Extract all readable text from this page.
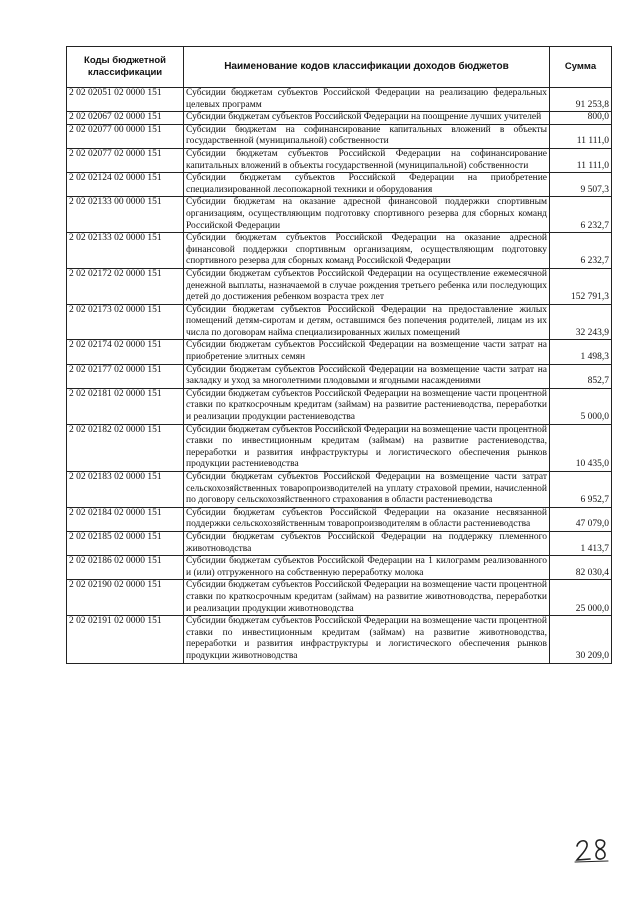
Коды бюджетной классификации	Наименование кодов классификации доходов бюджетов	Сумма
2 02 02051 02 0000 151	Субсидии бюджетам субъектов Российской Федерации на реализацию федеральных целевых программ	91 253,8
2 02 02067 02 0000 151	Субсидии бюджетам субъектов Российской Федерации на поощрение лучших учителей	800,0
2 02 02077 00 0000 151	Субсидии бюджетам на софинансирование капитальных вложений в объекты государственной (муниципальной) собственности	11 111,0
2 02 02077 02 0000 151	Субсидии бюджетам субъектов Российской Федерации на софинансирование капитальных вложений в объекты государственной (муниципальной) собственности	11 111,0
2 02 02124 02 0000 151	Субсидии бюджетам субъектов Российской Федерации на приобретение специализированной лесопожарной техники и оборудования	9 507,3
2 02 02133 00 0000 151	Субсидии бюджетам на оказание адресной финансовой поддержки спортивным организациям, осуществляющим подготовку спортивного резерва для сборных команд Российской Федерации	6 232,7
2 02 02133 02 0000 151	Субсидии бюджетам субъектов Российской Федерации на оказание адресной финансовой поддержки спортивным организациям, осуществляющим подготовку спортивного резерва для сборных команд Российской Федерации	6 232,7
2 02 02172 02 0000 151	Субсидии бюджетам субъектов Российской Федерации на осуществление ежемесячной денежной выплаты, назначаемой в случае рождения третьего ребенка или последующих детей до достижения ребенком возраста трех лет	152 791,3
2 02 02173 02 0000 151	Субсидии бюджетам субъектов Российской Федерации на предоставление жилых помещений детям-сиротам и детям, оставшимся без попечения родителей, лицам из их числа по договорам найма специализированных жилых помещений	32 243,9
2 02 02174 02 0000 151	Субсидии бюджетам субъектов Российской Федерации на возмещение части затрат на приобретение элитных семян	1 498,3
2 02 02177 02 0000 151	Субсидии бюджетам субъектов Российской Федерации на возмещение части затрат на закладку и уход за многолетними плодовыми и ягодными насаждениями	852,7
2 02 02181 02 0000 151	Субсидии бюджетам субъектов Российской Федерации на возмещение части процентной ставки по краткосрочным кредитам (займам) на развитие растениеводства, переработки и реализации продукции растениеводства	5 000,0
2 02 02182 02 0000 151	Субсидии бюджетам субъектов Российской Федерации на возмещение части процентной ставки по инвестиционным кредитам (займам) на развитие растениеводства, переработки и развития инфраструктуры и логистического обеспечения рынков продукции растениеводства	10 435,0
2 02 02183 02 0000 151	Субсидии бюджетам субъектов Российской Федерации на возмещение части затрат сельскохозяйственных товаропроизводителей на уплату страховой премии, начисленной по договору сельскохозяйственного страхования в области растениеводства	6 952,7
2 02 02184 02 0000 151	Субсидии бюджетам субъектов Российской Федерации на оказание несвязанной поддержки сельскохозяйственным товаропроизводителям в области растениеводства	47 079,0
2 02 02185 02 0000 151	Субсидии бюджетам субъектов Российской Федерации на поддержку племенного животноводства	1 413,7
2 02 02186 02 0000 151	Субсидии бюджетам субъектов Российской Федерации на 1 килограмм реализованного и (или) отгруженного на собственную переработку молока	82 030,4
2 02 02190 02 0000 151	Субсидии бюджетам субъектов Российской Федерации на возмещение части процентной ставки по краткосрочным кредитам (займам) на развитие животноводства, переработки и реализации продукции животноводства	25 000,0
2 02 02191 02 0000 151	Субсидии бюджетам субъектов Российской Федерации на возмещение части процентной ставки по инвестиционным кредитам (займам) на развитие животноводства, переработки и развития инфраструктуры и логистического обеспечения рынков продукции животноводства	30 209,0
